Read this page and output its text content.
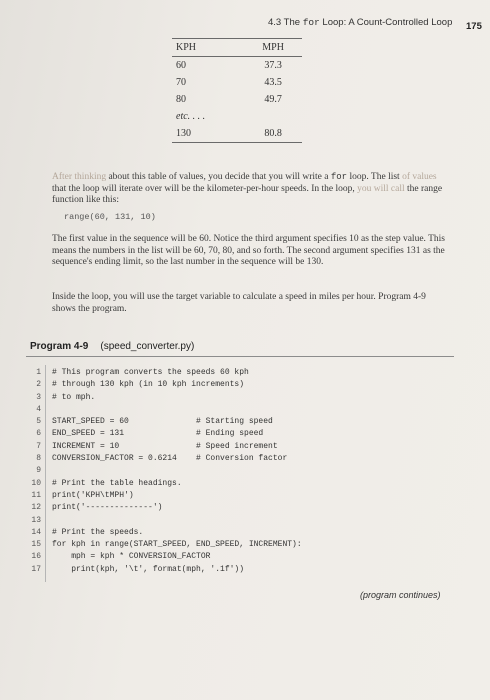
4.3 The for Loop: A Count-Controlled Loop 175
KPH	MPH
60	37.3
70	43.5
80	49.7
etc. . . .	
130	80.8
After thinking about this table of values, you decide that you will write a for loop. The list of values that the loop will iterate over will be the kilometer-per-hour speeds. In the loop, you will call the range function like this:
range(60, 131, 10)
The first value in the sequence will be 60. Notice the third argument specifies 10 as the step value. This means the numbers in the list will be 60, 70, 80, and so forth. The second argument specifies 131 as the sequence's ending limit, so the last number in the sequence will be 130.
Inside the loop, you will use the target variable to calculate a speed in miles per hour. Program 4-9 shows the program.
Program 4-9 (speed_converter.py)
1 # This program converts the speeds 60 kph
2 # through 130 kph (in 10 kph increments)
3 # to mph.
4
5 START_SPEED = 60              # Starting speed
6 END_SPEED = 131               # Ending speed
7 INCREMENT = 10                # Speed increment
8 CONVERSION_FACTOR = 0.6214    # Conversion factor
9
10 # Print the table headings.
11 print('KPH\tMPH')
12 print('--------------')
13
14 # Print the speeds.
15 for kph in range(START_SPEED, END_SPEED, INCREMENT):
16    mph = kph * CONVERSION_FACTOR
17    print(kph, '\t', format(mph, '.1f'))
(program continues)
